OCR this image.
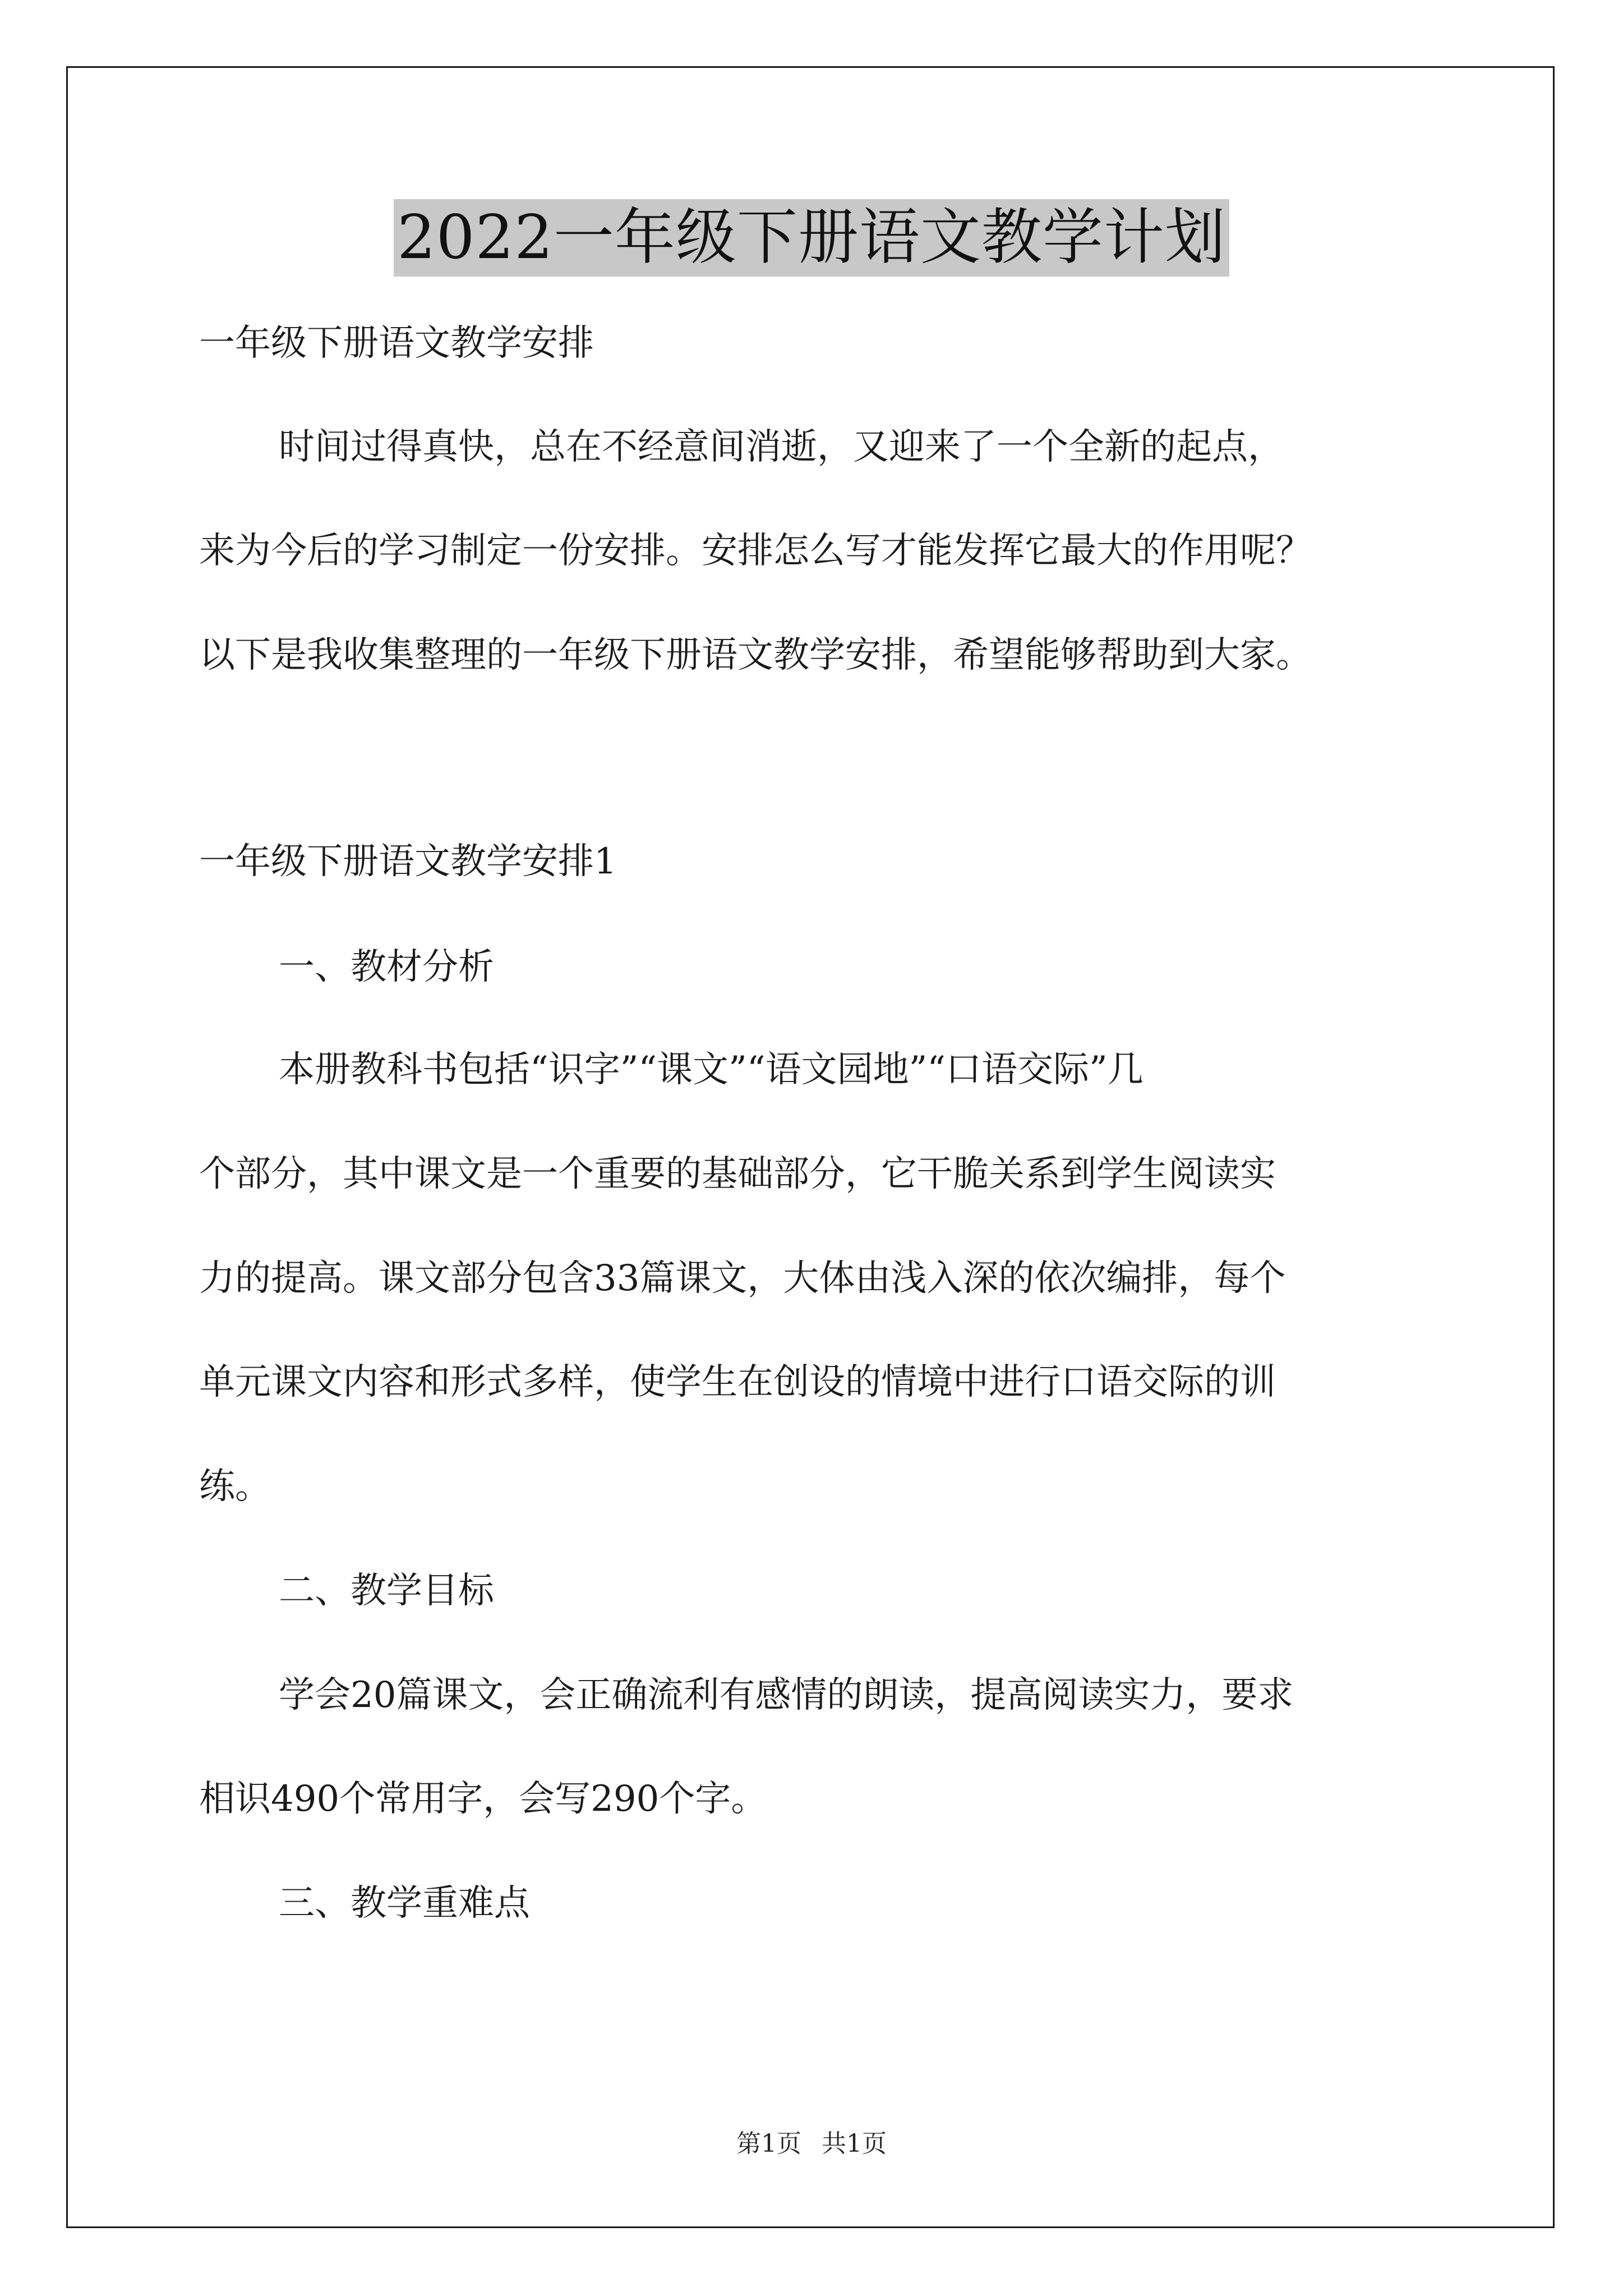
2022一年级下册语文教学计划
一年级下册语文教学安排
时间过得真快，总在不经意间消逝，又迎来了一个全新的起点，
来为今后的学习制定一份安排。安排怎么写才能发挥它最大的作用呢？
以下是我收集整理的一年级下册语文教学安排，希望能够帮助到大家。
一年级下册语文教学安排1
一、教材分析
本册教科书包括“识字”“课文”“语文园地”“口语交际”几
个部分，其中课文是一个重要的基础部分，它干脆关系到学生阅读实
力的提高。课文部分包含33篇课文，大体由浅入深的依次编排，每个
单元课文内容和形式多样，使学生在创设的情境中进行口语交际的训
练。
二、教学目标
学会20篇课文，会正确流利有感情的朗读，提高阅读实力，要求
相识490个常用字，会写290个字。
三、教学重难点
第1页 共1页
